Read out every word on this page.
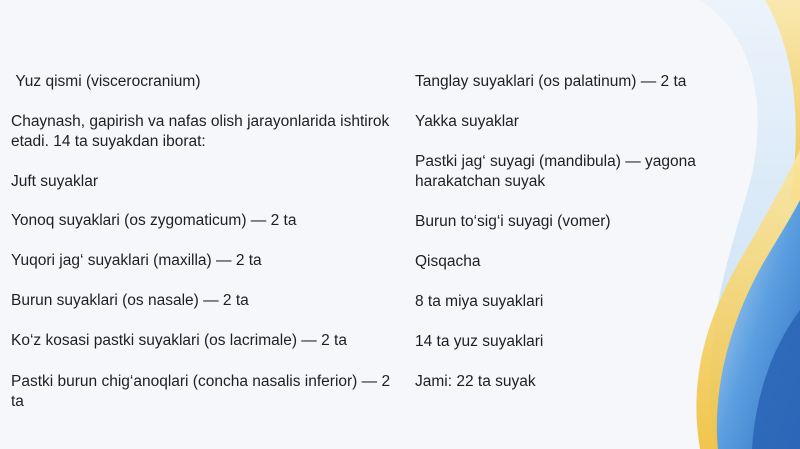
Yuz qismi (viscerocranium)
Chaynash, gapirish va nafas olish jarayonlarida ishtirok etadi. 14 ta suyakdan iborat:
Juft suyaklar
Yonoq suyaklari (os zygomaticum) — 2 ta
Yuqori jag‘ suyaklari (maxilla) — 2 ta
Burun suyaklari (os nasale) — 2 ta
Ko‘z kosasi pastki suyaklari (os lacrimale) — 2 ta
Pastki burun chig‘anoqlari (concha nasalis inferior) — 2 ta
Tanglay suyaklari (os palatinum) — 2 ta
Yakka suyaklar
Pastki jag‘ suyagi (mandibula) — yagona harakatchan suyak
Burun to‘sig‘i suyagi (vomer)
Qisqacha
8 ta miya suyaklari
14 ta yuz suyaklari
Jami: 22 ta suyak
